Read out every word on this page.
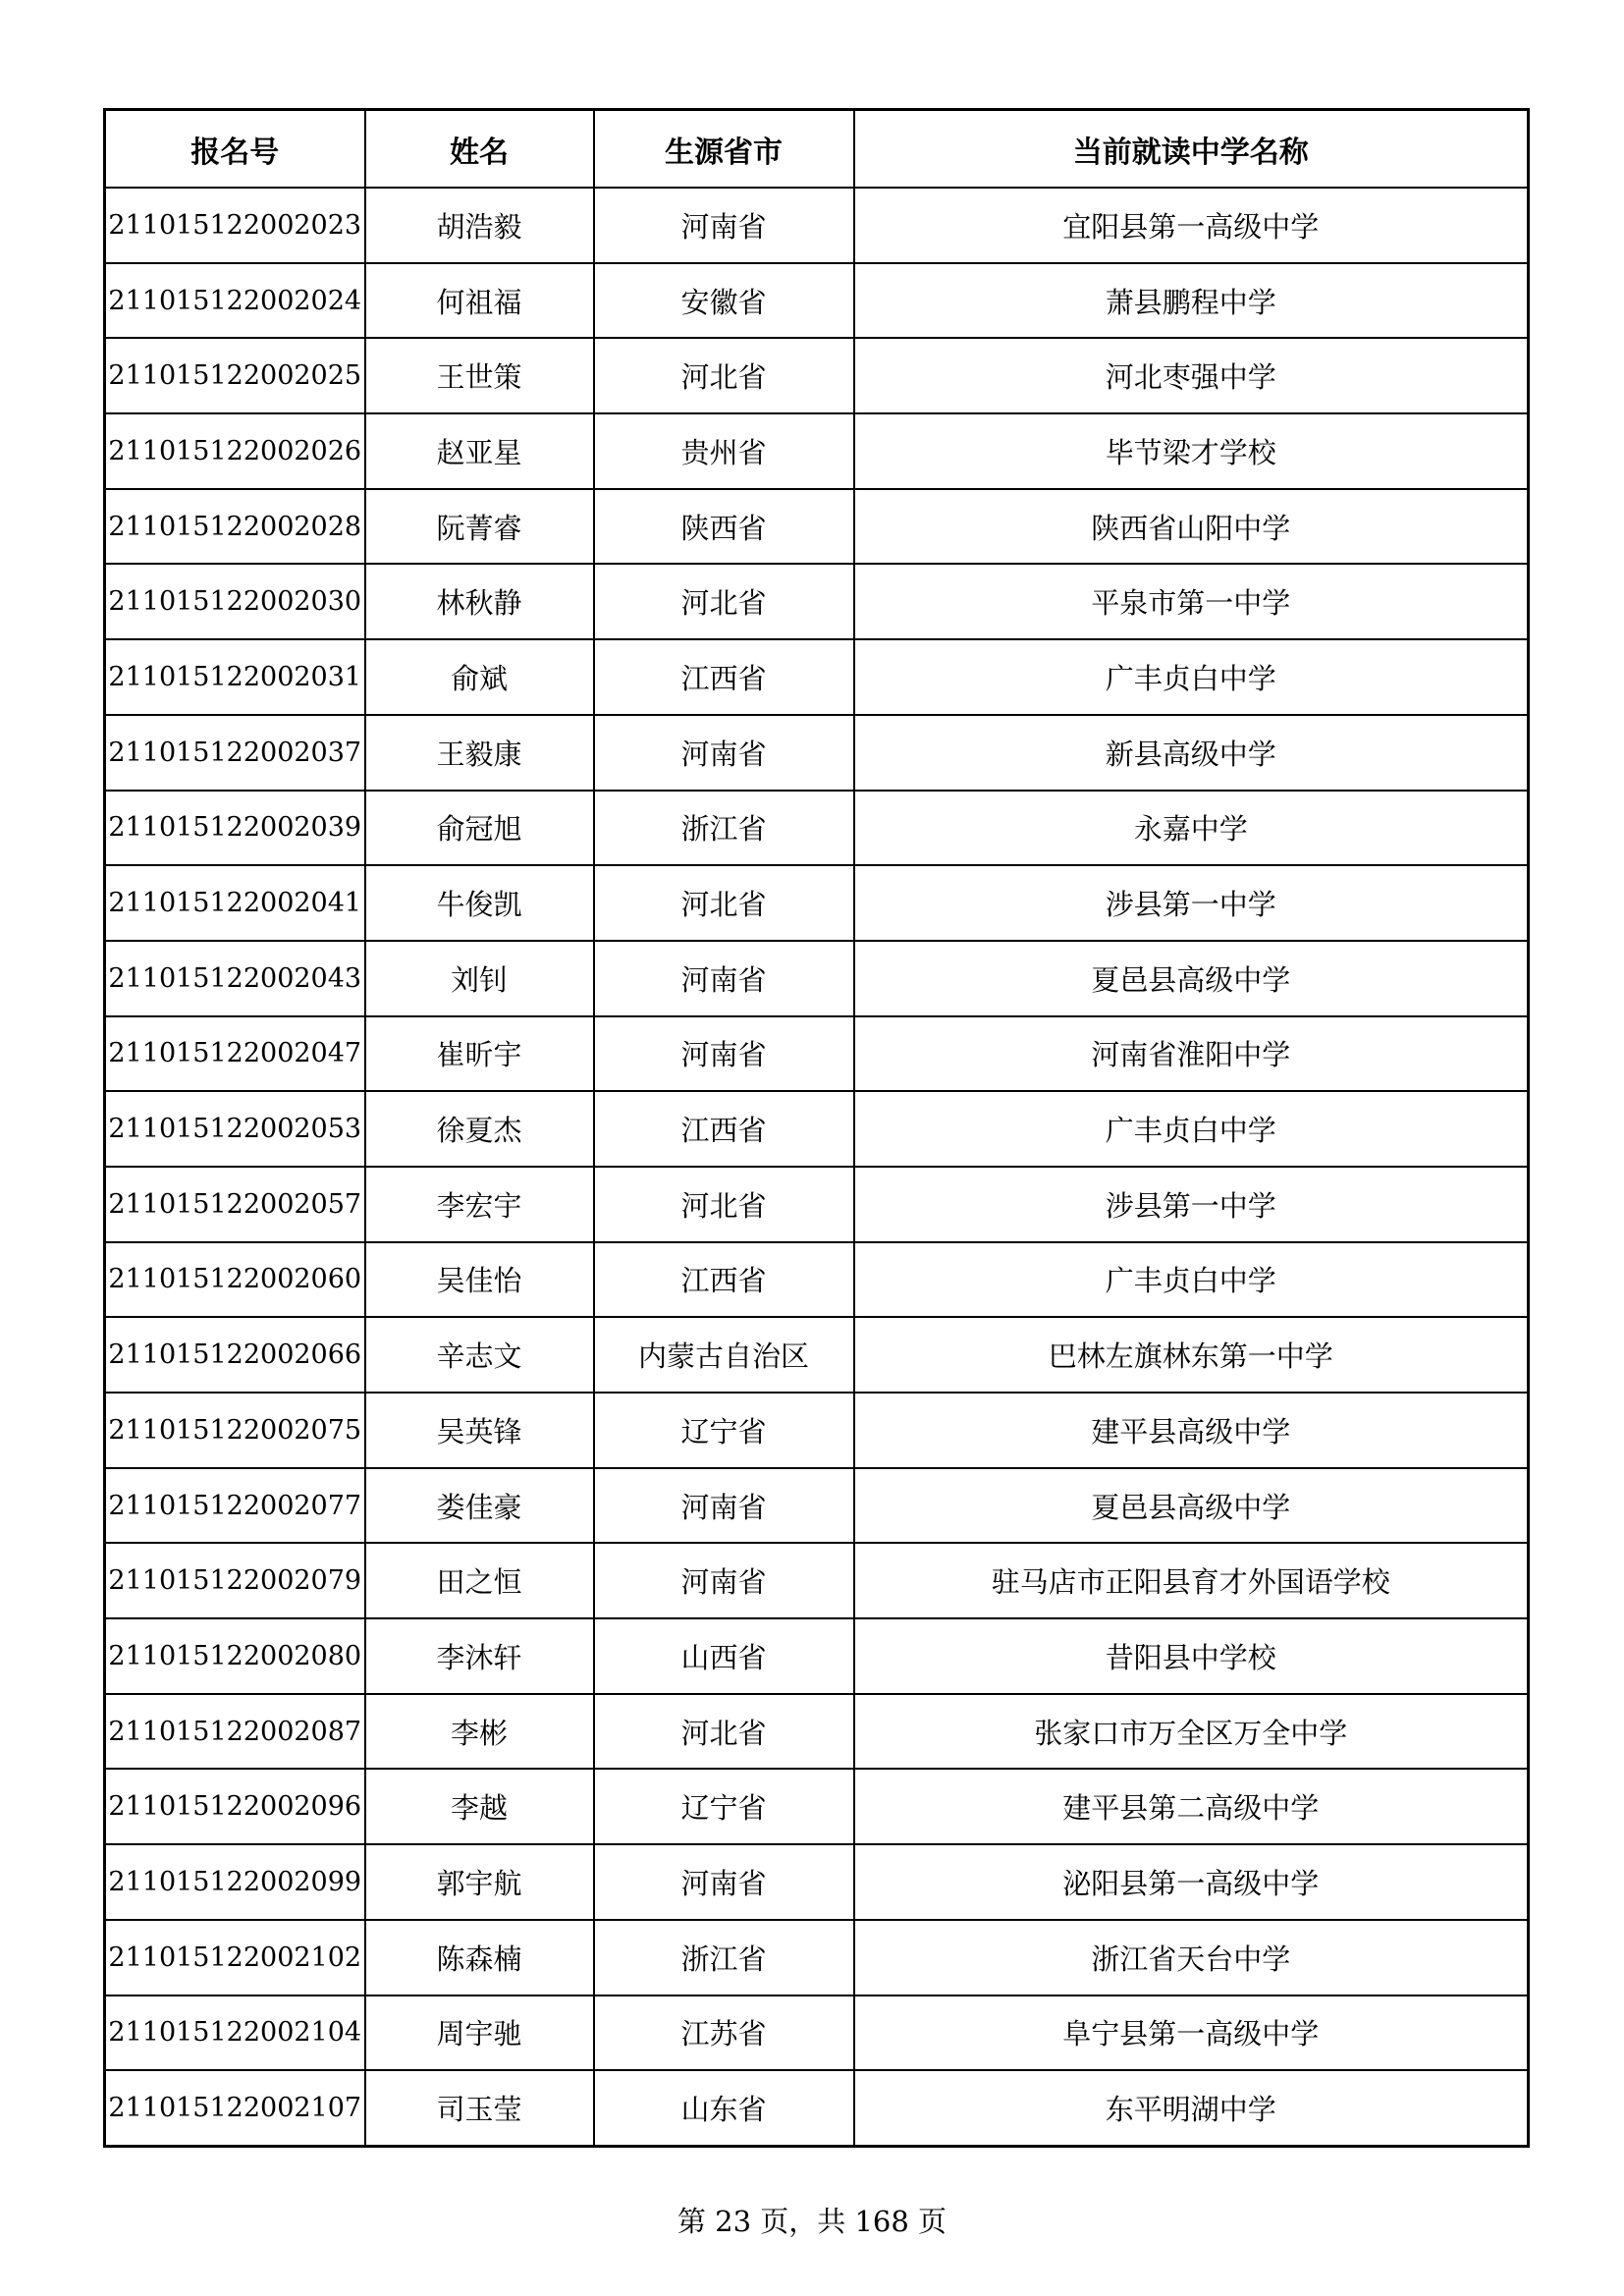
报名号	姓名	生源省市	当前就读中学名称
211015122002023	胡浩毅	河南省	宜阳县第一高级中学
211015122002024	何祖福	安徽省	萧县鹏程中学
211015122002025	王世策	河北省	河北枣强中学
211015122002026	赵亚星	贵州省	毕节梁才学校
211015122002028	阮菁睿	陕西省	陕西省山阳中学
211015122002030	林秋静	河北省	平泉市第一中学
211015122002031	俞斌	江西省	广丰贞白中学
211015122002037	王毅康	河南省	新县高级中学
211015122002039	俞冠旭	浙江省	永嘉中学
211015122002041	牛俊凯	河北省	涉县第一中学
211015122002043	刘钊	河南省	夏邑县高级中学
211015122002047	崔昕宇	河南省	河南省淮阳中学
211015122002053	徐夏杰	江西省	广丰贞白中学
211015122002057	李宏宇	河北省	涉县第一中学
211015122002060	吴佳怡	江西省	广丰贞白中学
211015122002066	辛志文	内蒙古自治区	巴林左旗林东第一中学
211015122002075	吴英锋	辽宁省	建平县高级中学
211015122002077	娄佳豪	河南省	夏邑县高级中学
211015122002079	田之恒	河南省	驻马店市正阳县育才外国语学校
211015122002080	李沐轩	山西省	昔阳县中学校
211015122002087	李彬	河北省	张家口市万全区万全中学
211015122002096	李越	辽宁省	建平县第二高级中学
211015122002099	郭宇航	河南省	泌阳县第一高级中学
211015122002102	陈森楠	浙江省	浙江省天台中学
211015122002104	周宇驰	江苏省	阜宁县第一高级中学
211015122002107	司玉莹	山东省	东平明湖中学
第 23 页，共 168 页
